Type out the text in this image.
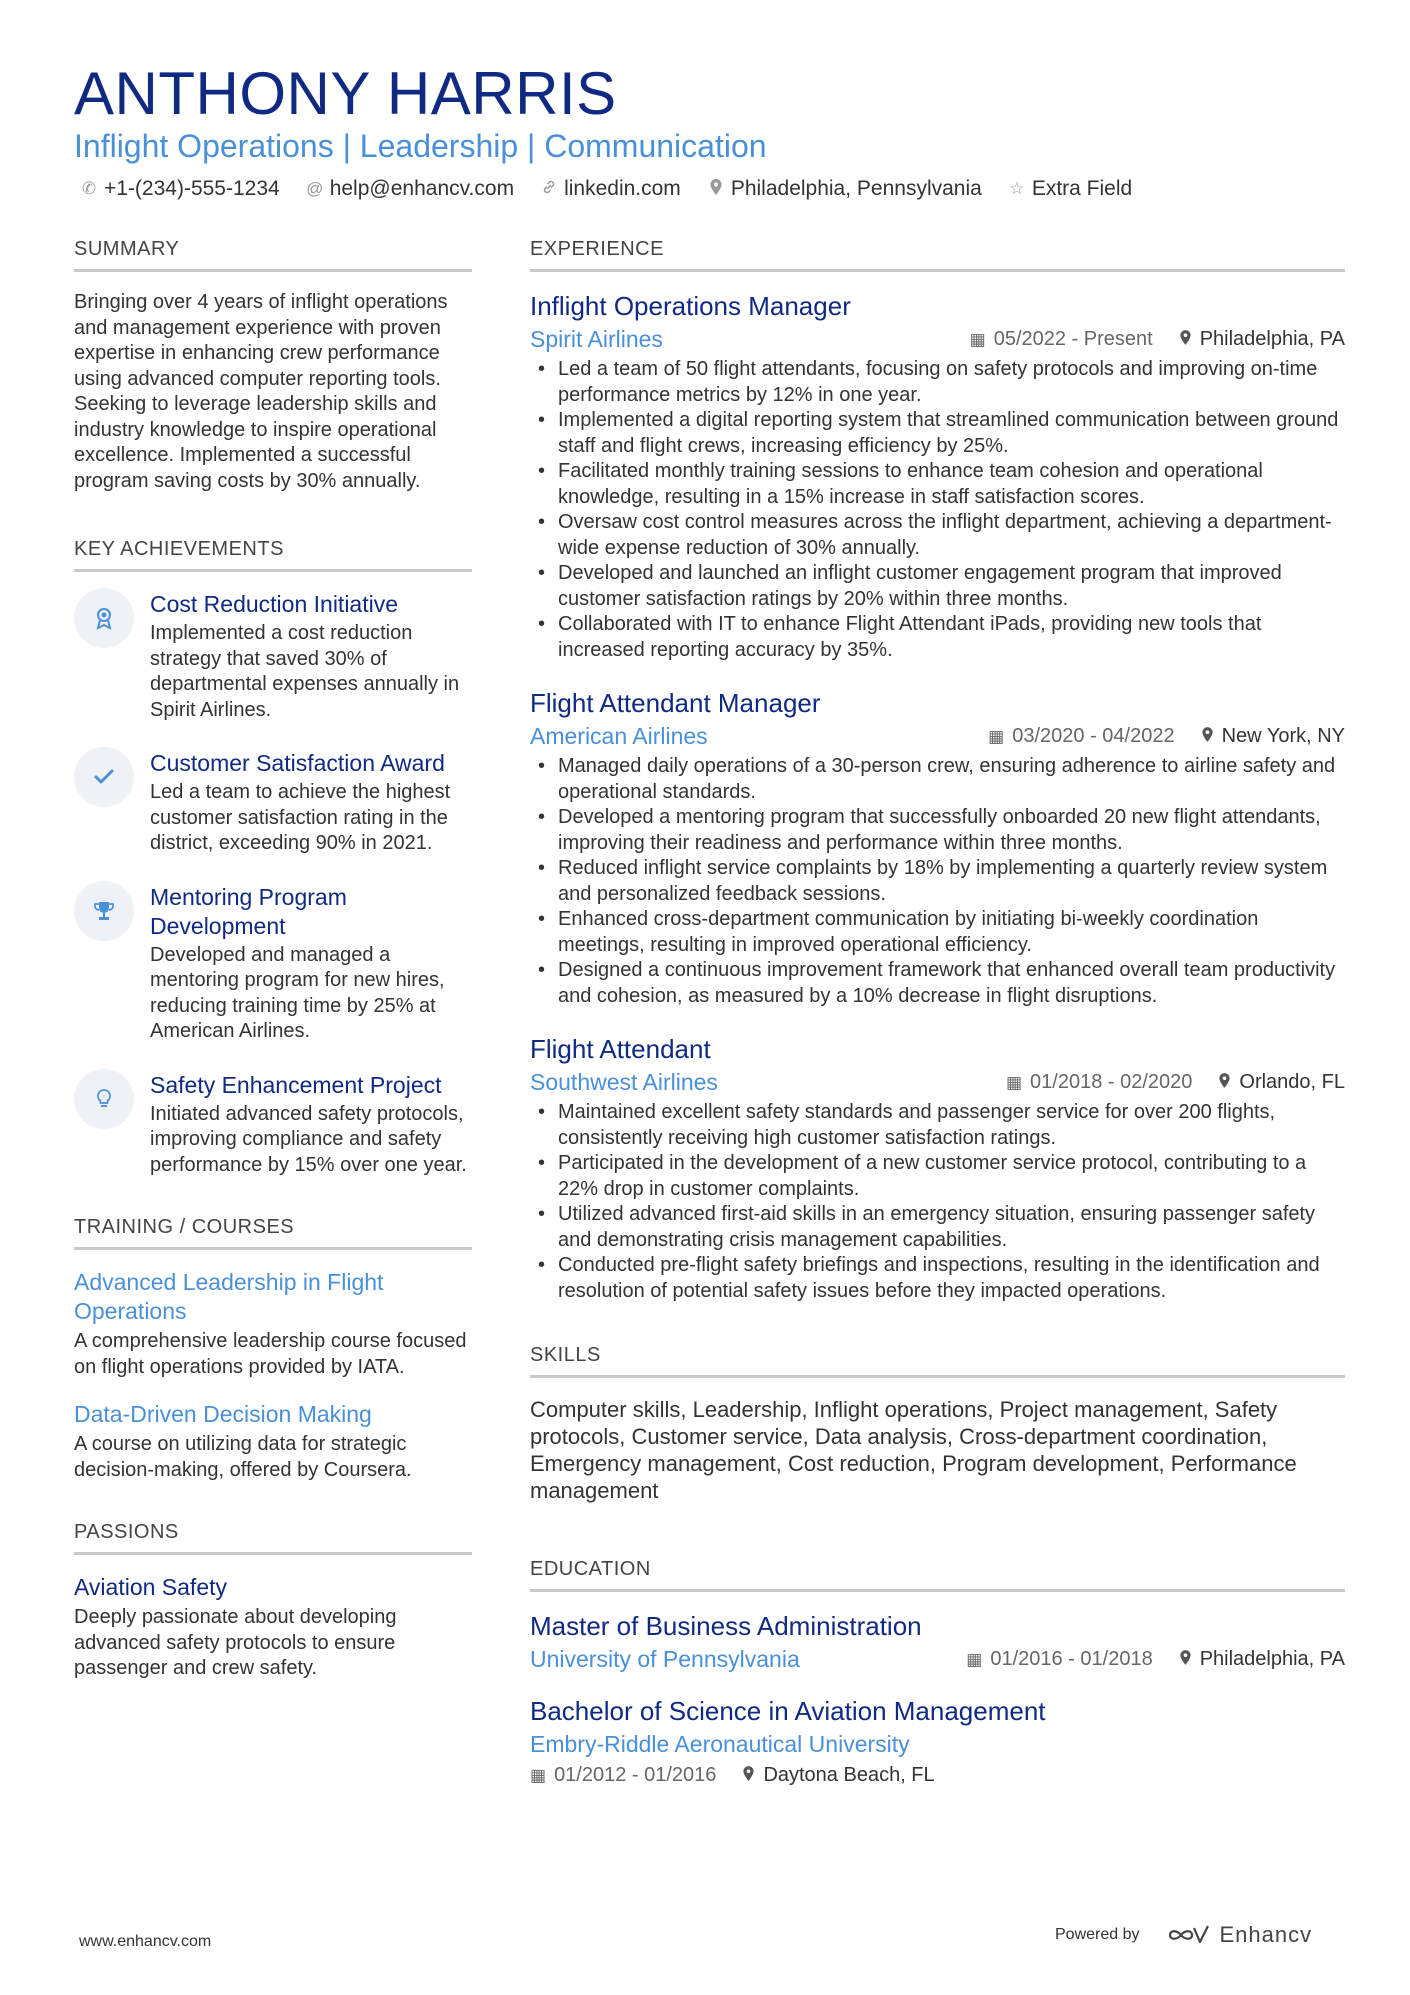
ANTHONY HARRIS
Inflight Operations | Leadership | Communication
✆ +1-(234)-555-1234 @ help@enhancv.com linkedin.com Philadelphia, Pennsylvania ☆ Extra Field
SUMMARY
Bringing over 4 years of inflight operations and management experience with proven expertise in enhancing crew performance using advanced computer reporting tools. Seeking to leverage leadership skills and industry knowledge to inspire operational excellence. Implemented a successful program saving costs by 30% annually.
KEY ACHIEVEMENTS
Cost Reduction Initiative
Implemented a cost reduction strategy that saved 30% of departmental expenses annually in Spirit Airlines.
Customer Satisfaction Award
Led a team to achieve the highest customer satisfaction rating in the district, exceeding 90% in 2021.
Mentoring Program Development
Developed and managed a mentoring program for new hires, reducing training time by 25% at American Airlines.
Safety Enhancement Project
Initiated advanced safety protocols, improving compliance and safety performance by 15% over one year.
TRAINING / COURSES
Advanced Leadership in Flight Operations
A comprehensive leadership course focused on flight operations provided by IATA.
Data-Driven Decision Making
A course on utilizing data for strategic decision-making, offered by Coursera.
PASSIONS
Aviation Safety
Deeply passionate about developing advanced safety protocols to ensure passenger and crew safety.
EXPERIENCE
Inflight Operations Manager
Spirit Airlines	▦ 05/2022 - Present Philadelphia, PA
• Led a team of 50 flight attendants, focusing on safety protocols and improving on-time performance metrics by 12% in one year.
• Implemented a digital reporting system that streamlined communication between ground staff and flight crews, increasing efficiency by 25%.
• Facilitated monthly training sessions to enhance team cohesion and operational knowledge, resulting in a 15% increase in staff satisfaction scores.
• Oversaw cost control measures across the inflight department, achieving a department-wide expense reduction of 30% annually.
• Developed and launched an inflight customer engagement program that improved customer satisfaction ratings by 20% within three months.
• Collaborated with IT to enhance Flight Attendant iPads, providing new tools that increased reporting accuracy by 35%.
Flight Attendant Manager
American Airlines	▦ 03/2020 - 04/2022 New York, NY
• Managed daily operations of a 30-person crew, ensuring adherence to airline safety and operational standards.
• Developed a mentoring program that successfully onboarded 20 new flight attendants, improving their readiness and performance within three months.
• Reduced inflight service complaints by 18% by implementing a quarterly review system and personalized feedback sessions.
• Enhanced cross-department communication by initiating bi-weekly coordination meetings, resulting in improved operational efficiency.
• Designed a continuous improvement framework that enhanced overall team productivity and cohesion, as measured by a 10% decrease in flight disruptions.
Flight Attendant
Southwest Airlines	▦ 01/2018 - 02/2020 Orlando, FL
• Maintained excellent safety standards and passenger service for over 200 flights, consistently receiving high customer satisfaction ratings.
• Participated in the development of a new customer service protocol, contributing to a 22% drop in customer complaints.
• Utilized advanced first-aid skills in an emergency situation, ensuring passenger safety and demonstrating crisis management capabilities.
• Conducted pre-flight safety briefings and inspections, resulting in the identification and resolution of potential safety issues before they impacted operations.
SKILLS
Computer skills, Leadership, Inflight operations, Project management, Safety protocols, Customer service, Data analysis, Cross-department coordination, Emergency management, Cost reduction, Program development, Performance management
EDUCATION
Master of Business Administration
University of Pennsylvania	▦ 01/2016 - 01/2018 Philadelphia, PA
Bachelor of Science in Aviation Management
Embry-Riddle Aeronautical University
▦ 01/2012 - 01/2016 Daytona Beach, FL
www.enhancv.com	Powered by	Enhancv
